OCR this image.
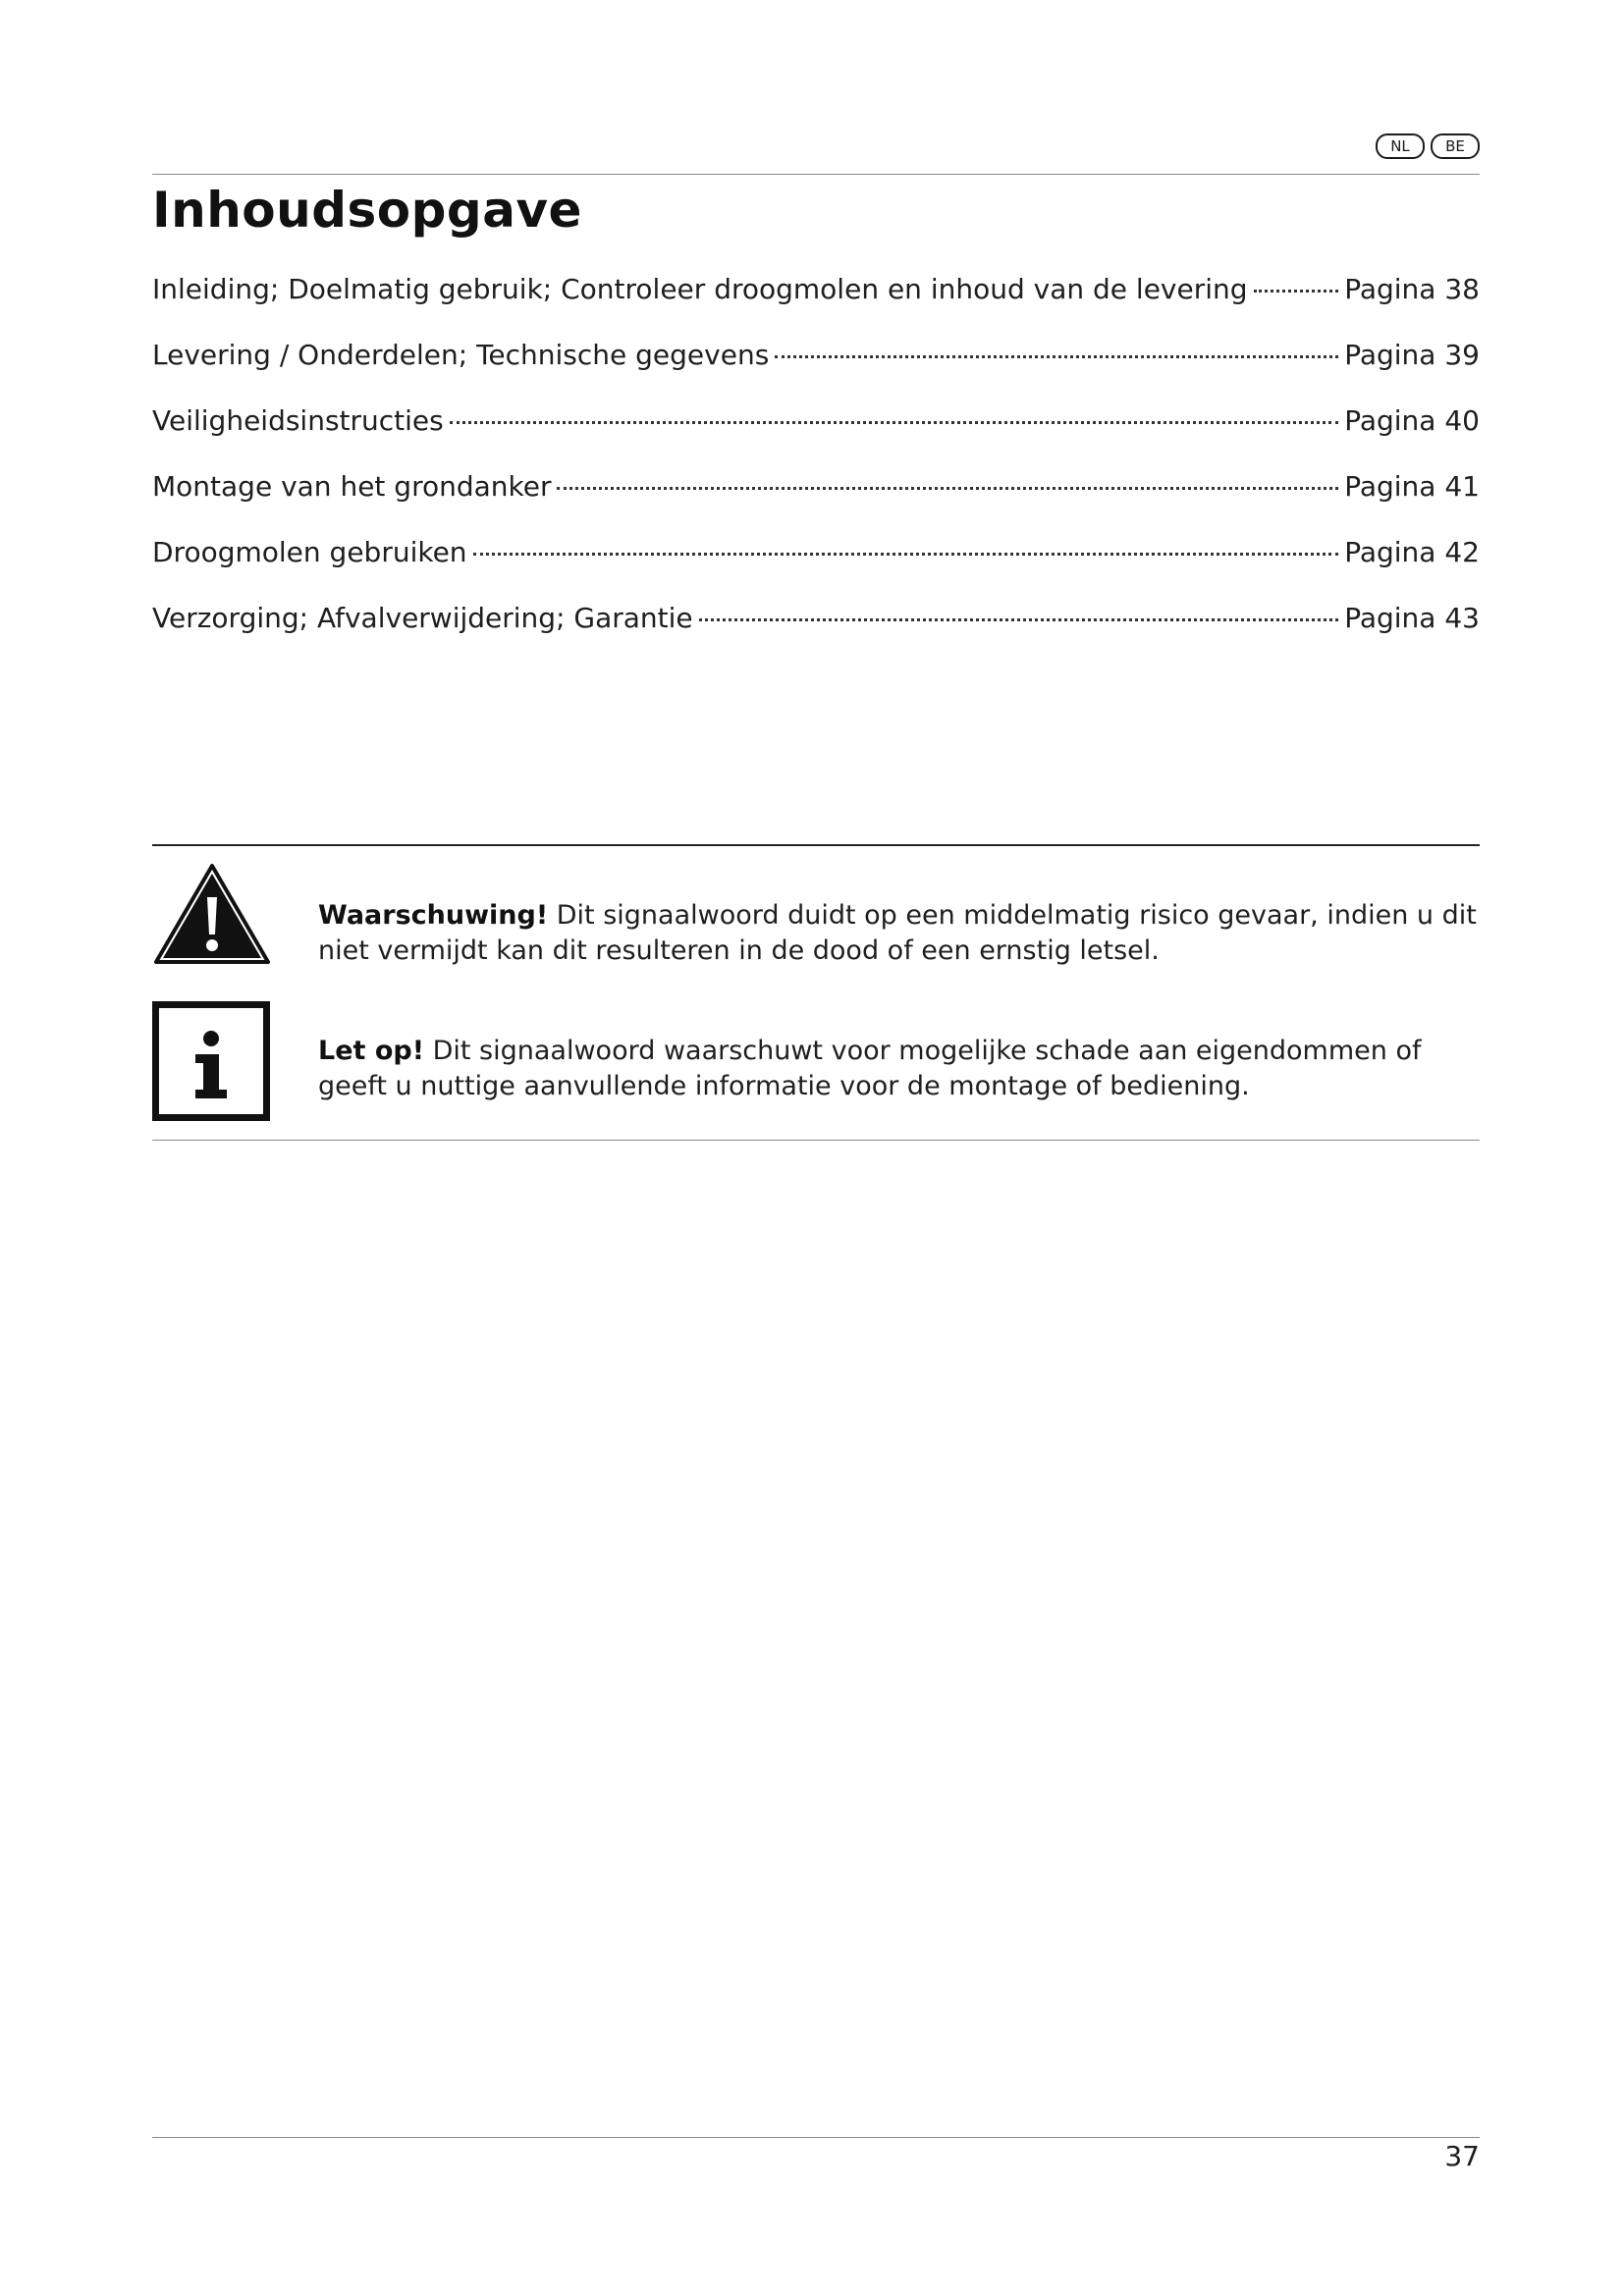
NL	BE
Inhoudsopgave
Inleiding; Doelmatig gebruik; Controleer droogmolen en inhoud van de levering	Pagina 38
Levering / Onderdelen; Technische gegevens	Pagina 39
Veiligheidsinstructies	Pagina 40
Montage van het grondanker	Pagina 41
Droogmolen gebruiken	Pagina 42
Verzorging; Afvalverwijdering; Garantie	Pagina 43
Waarschuwing! Dit signaalwoord duidt op een middelmatig risico gevaar, indien u dit niet vermijdt kan dit resulteren in de dood of een ernstig letsel.
Let op! Dit signaalwoord waarschuwt voor mogelijke schade aan eigendommen of geeft u nuttige aanvullende informatie voor de montage of bediening.
37
